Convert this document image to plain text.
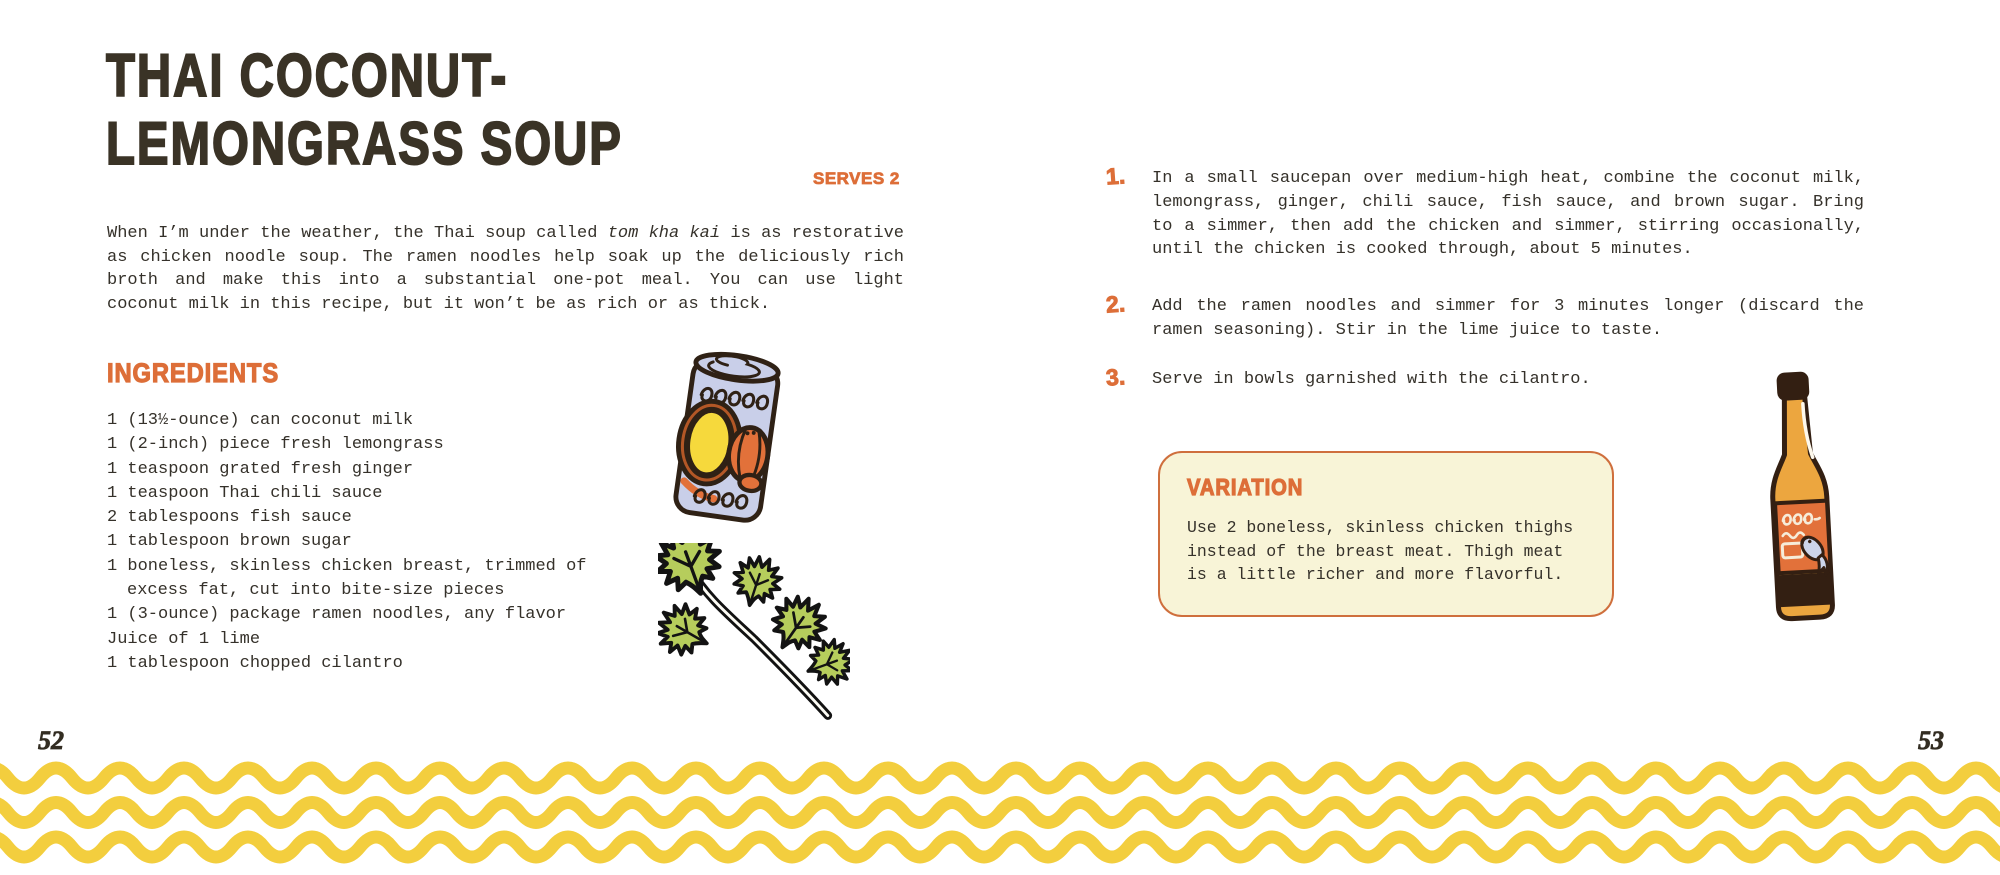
THAI COCONUT-
LEMONGRASS SOUP
SERVES 2
When I’m under the weather, the Thai soup called tom kha kai is as restorative
as chicken noodle soup. The ramen noodles help soak up the deliciously rich
broth and make this into a substantial one-pot meal. You can use light
coconut milk in this recipe, but it won’t be as rich or as thick.
INGREDIENTS
1 (13½-ounce) can coconut milk
1 (2-inch) piece fresh lemongrass
1 teaspoon grated fresh ginger
1 teaspoon Thai chili sauce
2 tablespoons fish sauce
1 tablespoon brown sugar
1 boneless, skinless chicken breast, trimmed of excess fat, cut into bite-size pieces
1 (3-ounce) package ramen noodles, any flavor
Juice of 1 lime
1 tablespoon chopped cilantro
1. In a small saucepan over medium-high heat, combine the coconut milk, lemongrass, ginger, chili sauce, fish sauce, and brown sugar. Bring to a simmer, then add the chicken and simmer, stirring occasionally, until the chicken is cooked through, about 5 minutes.
2. Add the ramen noodles and simmer for 3 minutes longer (discard the ramen seasoning). Stir in the lime juice to taste.
3. Serve in bowls garnished with the cilantro.
VARIATION
Use 2 boneless, skinless chicken thighs instead of the breast meat. Thigh meat is a little richer and more flavorful.
52	53
